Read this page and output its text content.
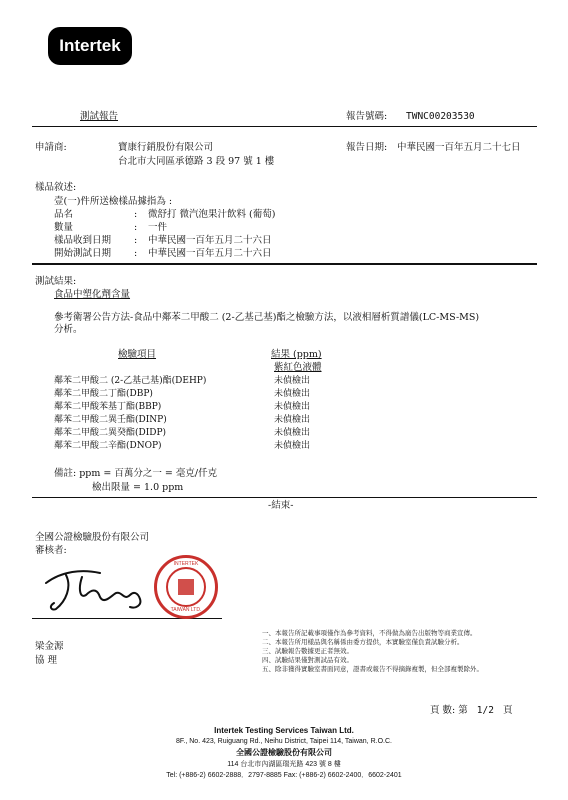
Intertek
測試報告	報告號碼: TWNC00203530
申請商:	寶康行銷股份有限公司
台北市大同區承德路 3 段 97 號 1 樓
報告日期: 中華民國一百年五月二十七日
樣品敘述:
壹(一)件所送檢樣品據指為 :
品名	: 微舒打 微汽泡果汁飲料 (葡萄)
數量	: 一件
樣品收到日期 : 中華民國一百年五月二十六日
開始測試日期 : 中華民國一百年五月二十六日
測試結果:
食品中塑化劑含量
參考衛署公告方法-食品中鄰苯二甲酸二 (2-乙基己基)酯之檢驗方法，以液相層析質譜儀(LC-MS-MS)
分析。
檢驗項目	結果 (ppm)
紫紅色液體
鄰苯二甲酸二 (2-乙基己基)酯(DEHP)	未偵檢出
鄰苯二甲酸二丁酯(DBP)	未偵檢出
鄰苯二甲酸苯基丁酯(BBP)	未偵檢出
鄰苯二甲酸二異壬酯(DINP)	未偵檢出
鄰苯二甲酸二異癸酯(DIDP)	未偵檢出
鄰苯二甲酸二辛酯(DNOP)	未偵檢出
備註: ppm = 百萬分之一 = 毫克/仟克
檢出限量 = 1.0 ppm
-結束-
全國公證檢驗股份有限公司
審核者:
INTERTEK
TAIWAN LTD.
梁金源
協 理
一、本報告所記載事項僅作為參考資料，不得做為廣告出版物等商業宣傳。
二、本報告所用樣品與名稱係由委方提供，本實驗室僅負責試驗分析。
三、試驗報告數據更正者無效。
四、試驗結果僅對測試品有效。
五、除非獲得實驗室書面同意，證書或報告不得摘錄複製，但全部複製除外。
頁 數: 第 1/2 頁
Intertek Testing Services Taiwan Ltd.
8F., No. 423, Ruiguang Rd., Neihu District, Taipei 114, Taiwan, R.O.C.
全國公證檢驗股份有限公司
114 台北市內湖區瑞光路 423 號 8 樓
Tel: (+886-2) 6602-2888．2797-8885 Fax: (+886-2) 6602-2400．6602-2401
